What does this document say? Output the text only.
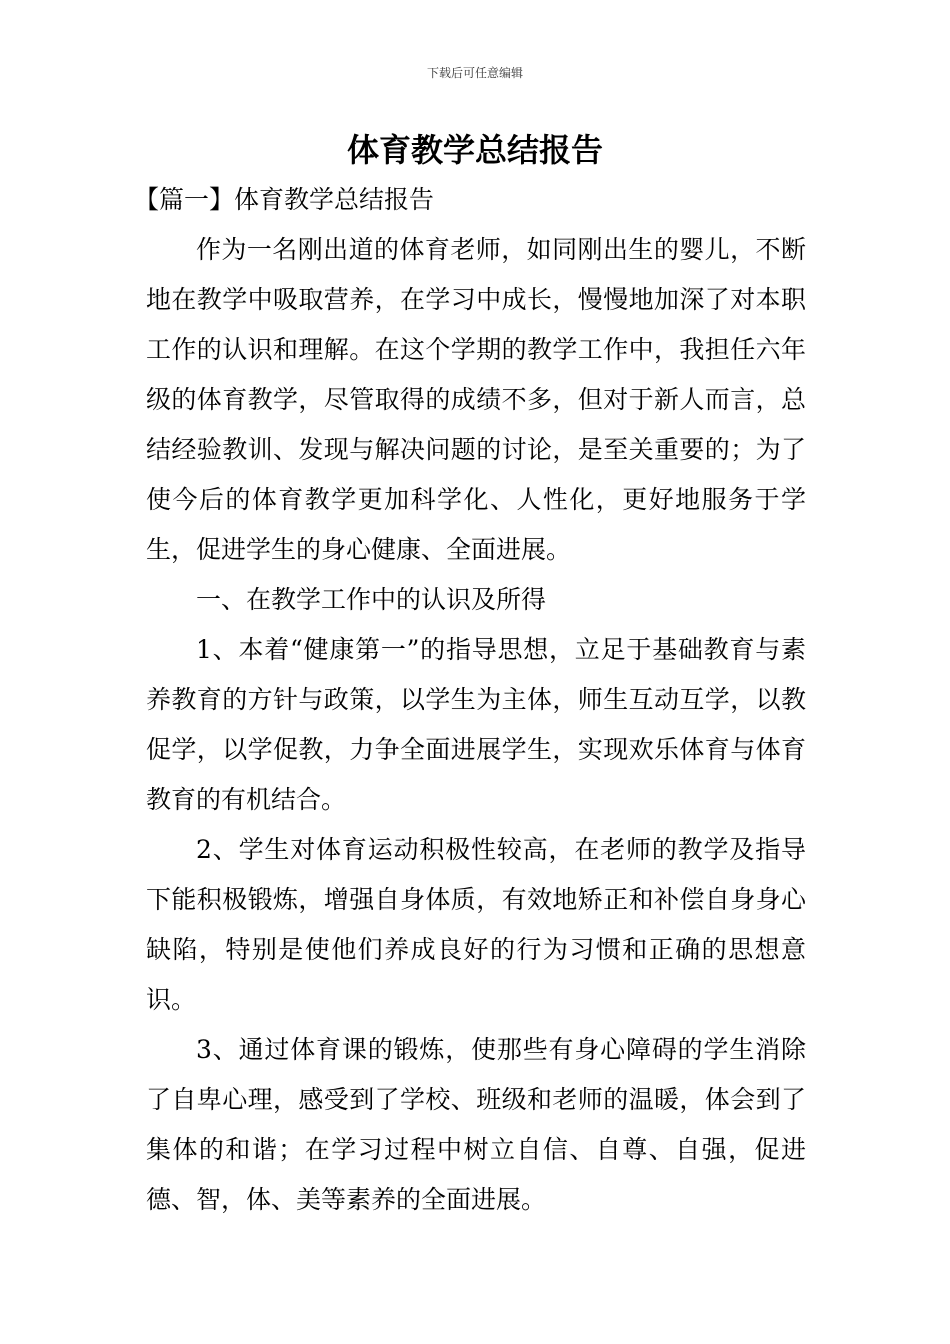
下载后可任意编辑
体育教学总结报告

【篇一】体育教学总结报告

作为一名刚出道的体育老师，如同刚出生的婴儿，不断地在教学中吸取营养，在学习中成长，慢慢地加深了对本职工作的认识和理解。在这个学期的教学工作中，我担任六年级的体育教学，尽管取得的成绩不多，但对于新人而言，总结经验教训、发现与解决问题的讨论，是至关重要的；为了使今后的体育教学更加科学化、人性化，更好地服务于学生，促进学生的身心健康、全面进展。

一、在教学工作中的认识及所得

1、本着“健康第一”的指导思想，立足于基础教育与素养教育的方针与政策，以学生为主体，师生互动互学，以教促学，以学促教，力争全面进展学生，实现欢乐体育与体育教育的有机结合。

2、学生对体育运动积极性较高，在老师的教学及指导下能积极锻炼，增强自身体质，有效地矫正和补偿自身身心缺陷，特别是使他们养成良好的行为习惯和正确的思想意识。

3、通过体育课的锻炼，使那些有身心障碍的学生消除了自卑心理，感受到了学校、班级和老师的温暖，体会到了集体的和谐；在学习过程中树立自信、自尊、自强，促进德、智，体、美等素养的全面进展。
